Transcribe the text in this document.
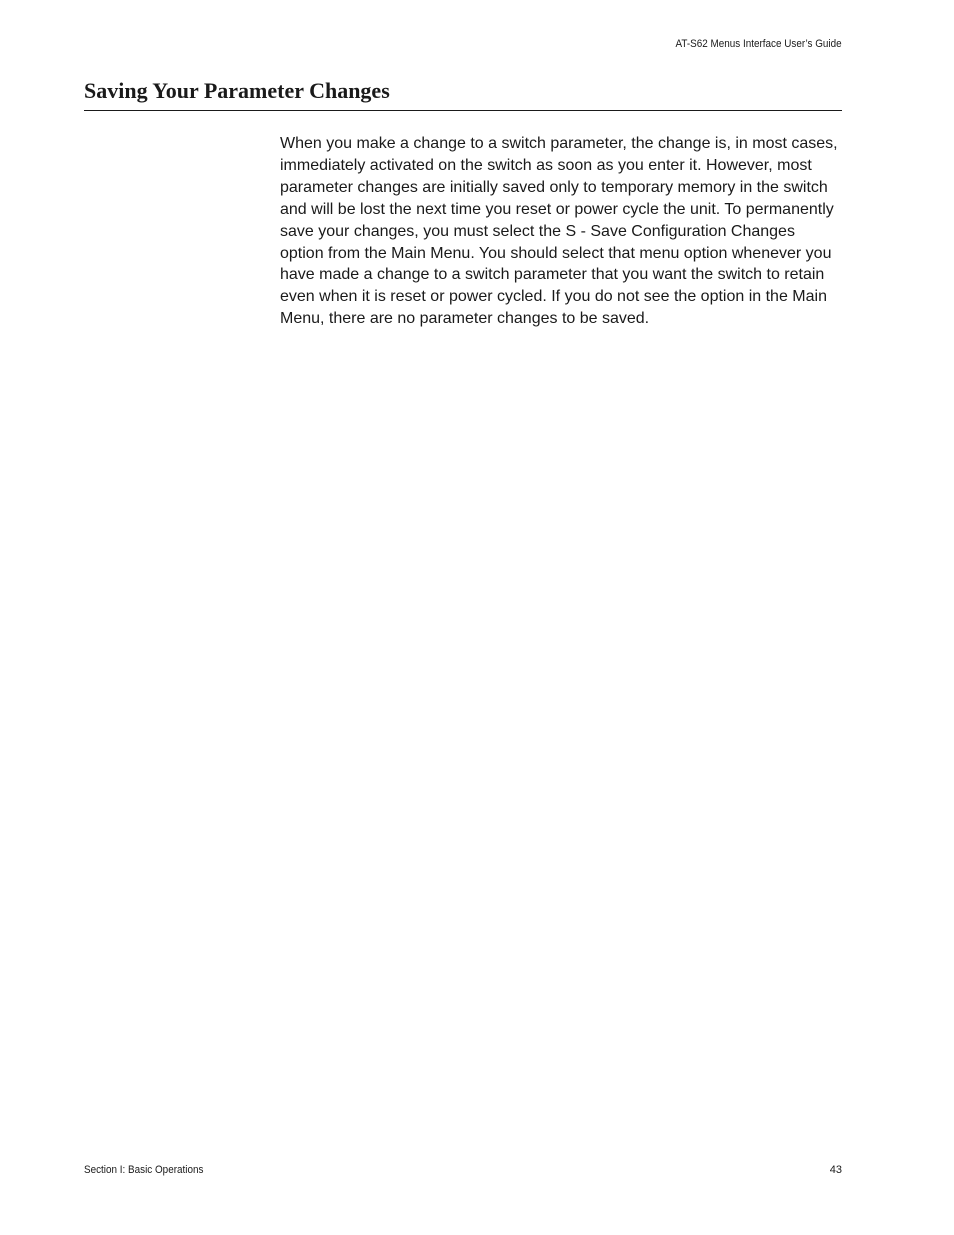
AT-S62 Menus Interface User’s Guide
Saving Your Parameter Changes

When you make a change to a switch parameter, the change is, in most cases, immediately activated on the switch as soon as you enter it. However, most parameter changes are initially saved only to temporary memory in the switch and will be lost the next time you reset or power cycle the unit. To permanently save your changes, you must select the S - Save Configuration Changes option from the Main Menu. You should select that menu option whenever you have made a change to a switch parameter that you want the switch to retain even when it is reset or power cycled. If you do not see the option in the Main Menu, there are no parameter changes to be saved.

Section I: Basic Operations	43
